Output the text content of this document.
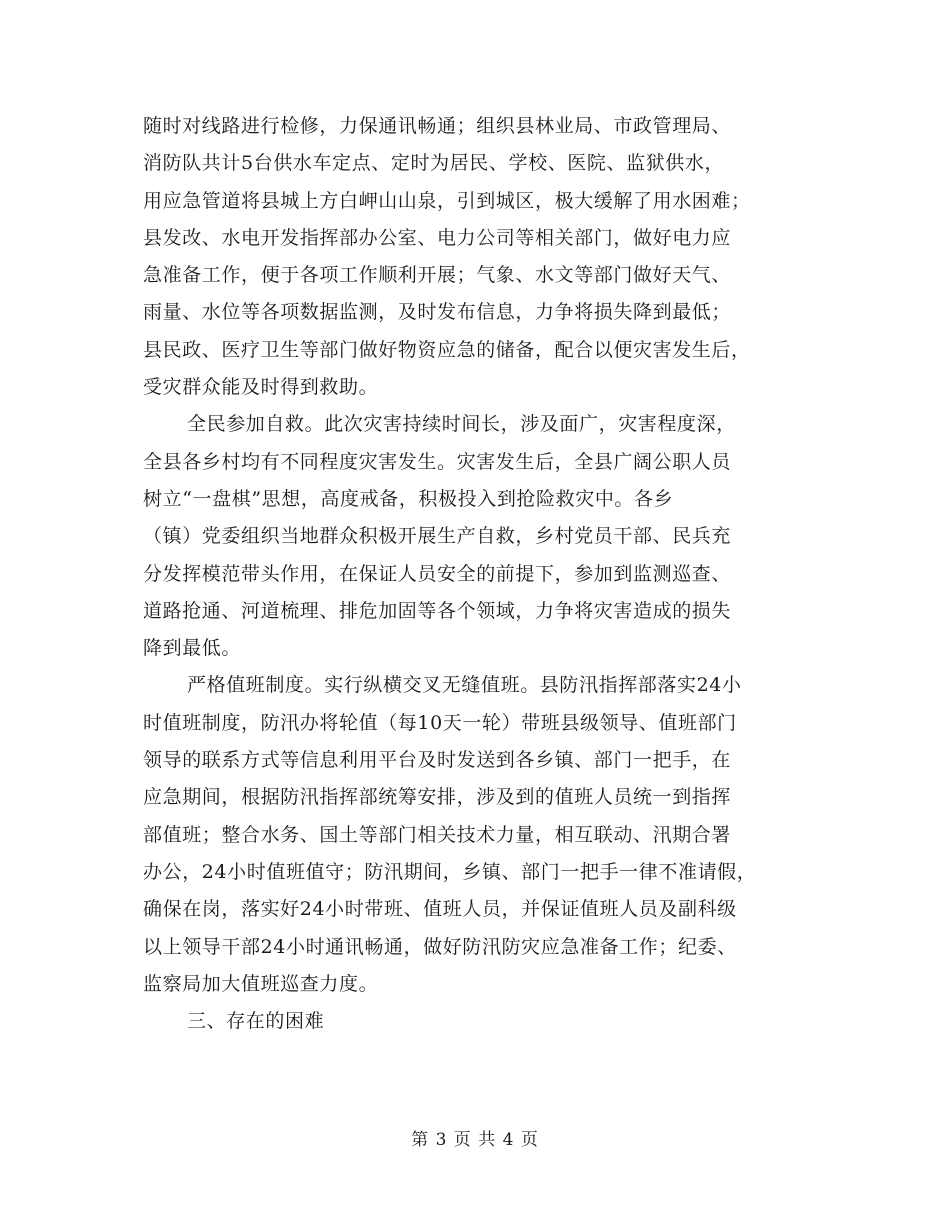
随时对线路进行检修，力保通讯畅通；组织县林业局、市政管理局、
消防队共计5台供水车定点、定时为居民、学校、医院、监狱供水，
用应急管道将县城上方白岬山山泉，引到城区，极大缓解了用水困难；
县发改、水电开发指挥部办公室、电力公司等相关部门，做好电力应
急准备工作，便于各项工作顺利开展；气象、水文等部门做好天气、
雨量、水位等各项数据监测，及时发布信息，力争将损失降到最低；
县民政、医疗卫生等部门做好物资应急的储备，配合以便灾害发生后，
受灾群众能及时得到救助。
全民参加自救。此次灾害持续时间长，涉及面广，灾害程度深，
全县各乡村均有不同程度灾害发生。灾害发生后，全县广阔公职人员
树立“一盘棋”思想，高度戒备，积极投入到抢险救灾中。各乡
（镇）党委组织当地群众积极开展生产自救，乡村党员干部、民兵充
分发挥模范带头作用，在保证人员安全的前提下，参加到监测巡查、
道路抢通、河道梳理、排危加固等各个领域，力争将灾害造成的损失
降到最低。
严格值班制度。实行纵横交叉无缝值班。县防汛指挥部落实24小
时值班制度，防汛办将轮值（每10天一轮）带班县级领导、值班部门
领导的联系方式等信息利用平台及时发送到各乡镇、部门一把手，在
应急期间，根据防汛指挥部统筹安排，涉及到的值班人员统一到指挥
部值班；整合水务、国土等部门相关技术力量，相互联动、汛期合署
办公，24小时值班值守；防汛期间，乡镇、部门一把手一律不准请假，
确保在岗，落实好24小时带班、值班人员，并保证值班人员及副科级
以上领导干部24小时通讯畅通，做好防汛防灾应急准备工作；纪委、
监察局加大值班巡查力度。
三、存在的困难
第 3 页 共 4 页
